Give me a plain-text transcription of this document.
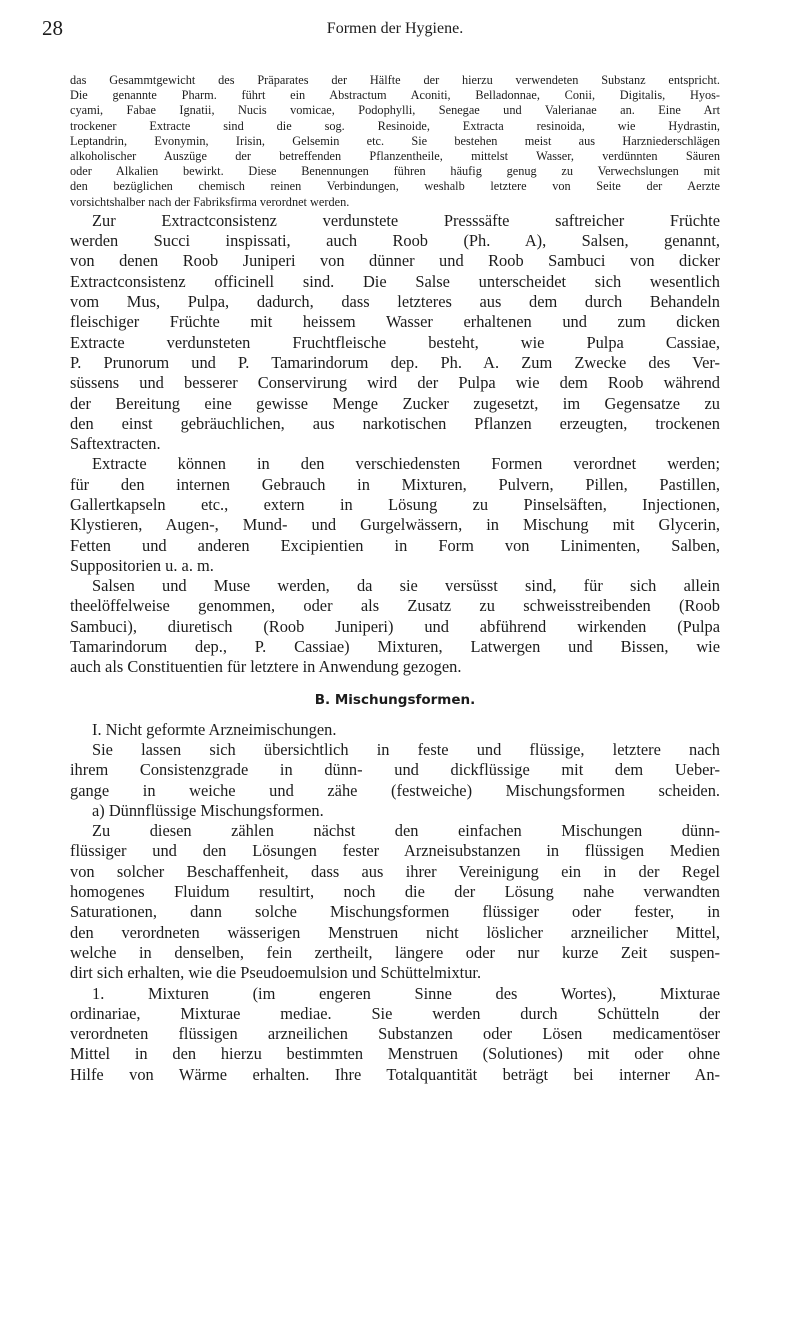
28	Formen der Hygiene.
das Gesammtgewicht des Präparates der Hälfte der hierzu verwendeten Substanz entspricht.
Die genannte Pharm. führt ein Abstractum Aconiti, Belladonnae, Conii, Digitalis, Hyos-
cyami, Fabae Ignatii, Nucis vomicae, Podophylli, Senegae und Valerianae an. Eine Art
trockener Extracte sind die sog. Resinoide, Extracta resinoida, wie Hydrastin,
Leptandrin, Evonymin, Irisin, Gelsemin etc. Sie bestehen meist aus Harzniederschlägen
alkoholischer Auszüge der betreffenden Pflanzentheile, mittelst Wasser, verdünnten Säuren
oder Alkalien bewirkt. Diese Benennungen führen häufig genug zu Verwechslungen mit
den bezüglichen chemisch reinen Verbindungen, weshalb letztere von Seite der Aerzte
vorsichtshalber nach der Fabriksfirma verordnet werden.
Zur Extractconsistenz verdunstete Presssäfte saftreicher Früchte
werden Succi inspissati, auch Roob (Ph. A), Salsen, genannt,
von denen Roob Juniperi von dünner und Roob Sambuci von dicker
Extractconsistenz officinell sind. Die Salse unterscheidet sich wesentlich
vom Mus, Pulpa, dadurch, dass letzteres aus dem durch Behandeln
fleischiger Früchte mit heissem Wasser erhaltenen und zum dicken
Extracte verdunsteten Fruchtfleische besteht, wie Pulpa Cassiae,
P. Prunorum und P. Tamarindorum dep. Ph. A. Zum Zwecke des Ver-
süssens und besserer Conservirung wird der Pulpa wie dem Roob während
der Bereitung eine gewisse Menge Zucker zugesetzt, im Gegensatze zu
den einst gebräuchlichen, aus narkotischen Pflanzen erzeugten, trockenen
Saftextracten.
Extracte können in den verschiedensten Formen verordnet werden;
für den internen Gebrauch in Mixturen, Pulvern, Pillen, Pastillen,
Gallertkapseln etc., extern in Lösung zu Pinselsäften, Injectionen,
Klystieren, Augen-, Mund- und Gurgelwässern, in Mischung mit Glycerin,
Fetten und anderen Excipientien in Form von Linimenten, Salben,
Suppositorien u. a. m.
Salsen und Muse werden, da sie versüsst sind, für sich allein
theelöffelweise genommen, oder als Zusatz zu schweisstreibenden (Roob
Sambuci), diuretisch (Roob Juniperi) und abführend wirkenden (Pulpa
Tamarindorum dep., P. Cassiae) Mixturen, Latwergen und Bissen, wie
auch als Constituentien für letztere in Anwendung gezogen.
B. Mischungsformen.
I. Nicht geformte Arzneimischungen.
Sie lassen sich übersichtlich in feste und flüssige, letztere nach
ihrem Consistenzgrade in dünn- und dickflüssige mit dem Ueber-
gange in weiche und zähe (festweiche) Mischungsformen scheiden.
a) Dünnflüssige Mischungsformen.
Zu diesen zählen nächst den einfachen Mischungen dünn-
flüssiger und den Lösungen fester Arzneisubstanzen in flüssigen Medien
von solcher Beschaffenheit, dass aus ihrer Vereinigung ein in der Regel
homogenes Fluidum resultirt, noch die der Lösung nahe verwandten
Saturationen, dann solche Mischungsformen flüssiger oder fester, in
den verordneten wässerigen Menstruen nicht löslicher arzneilicher Mittel,
welche in denselben, fein zertheilt, längere oder nur kurze Zeit suspen-
dirt sich erhalten, wie die Pseudoemulsion und Schüttelmixtur.
1. Mixturen (im engeren Sinne des Wortes), Mixturae
ordinariae, Mixturae mediae. Sie werden durch Schütteln der
verordneten flüssigen arzneilichen Substanzen oder Lösen medicamentöser
Mittel in den hierzu bestimmten Menstruen (Solutiones) mit oder ohne
Hilfe von Wärme erhalten. Ihre Totalquantität beträgt bei interner An-
